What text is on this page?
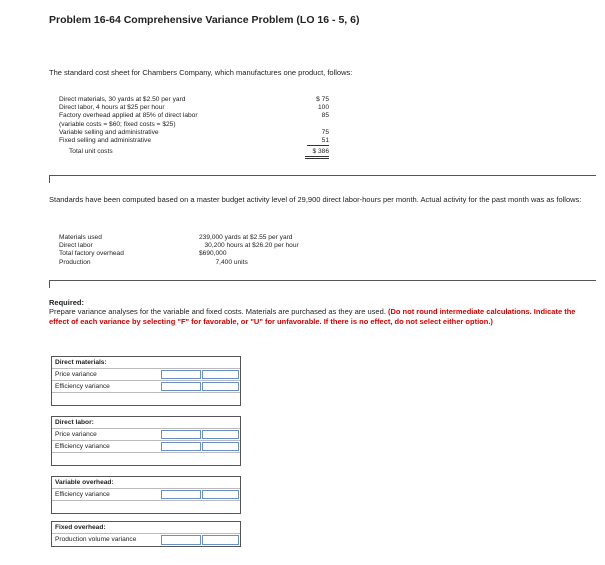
Problem 16-64 Comprehensive Variance Problem (LO 16 - 5, 6)
The standard cost sheet for Chambers Company, which manufactures one product, follows:
Direct materials, 30 yards at $2.50 per yard	$ 75
Direct labor, 4 hours at $25 per hour	100
Factory overhead applied at 85% of direct labor	85
(variable costs = $60; fixed costs = $25)
Variable selling and administrative	75
Fixed selling and administrative	51
Total unit costs	$ 386
Standards have been computed based on a master budget activity level of 29,900 direct labor-hours per month. Actual activity for the past month was as follows:
Materials used	239,000 yards at $2.55 per yard
Direct labor	30,200 hours at $26.20 per hour
Total factory overhead	$690,000
Production	7,400 units
Required:
Prepare variance analyses for the variable and fixed costs. Materials are purchased as they are used. (Do not round intermediate calculations. Indicate the effect of each variance by selecting "F" for favorable, or "U" for unfavorable. If there is no effect, do not select either option.)
Direct materials:
Price variance
Efficiency variance
Direct labor:
Price variance
Efficiency variance
Variable overhead:
Efficiency variance
Fixed overhead:
Production volume variance
